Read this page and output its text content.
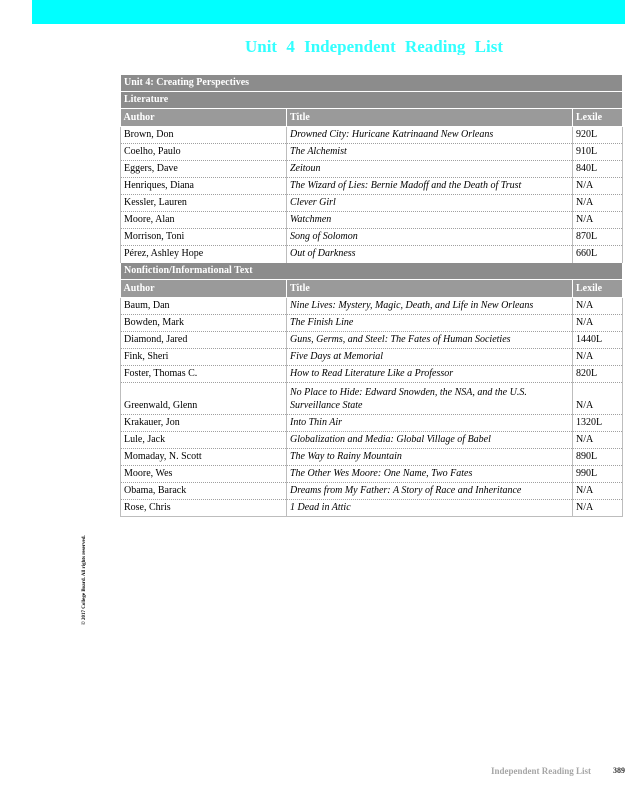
Unit 4 Independent Reading List
Unit 4: Creating Perspectives		
Literature		
Author	Title	Lexile
Brown, Don	Drowned City: Huricane Katrinaand New Orleans	920L
Coelho, Paulo	The Alchemist	910L
Eggers, Dave	Zeitoun	840L
Henriques, Diana	The Wizard of Lies: Bernie Madoff and the Death of Trust	N/A
Kessler, Lauren	Clever Girl	N/A
Moore, Alan	Watchmen	N/A
Morrison, Toni	Song of Solomon	870L
Pérez, Ashley Hope	Out of Darkness	660L
Nonfiction/Informational Text		
Author	Title	Lexile
Baum, Dan	Nine Lives: Mystery, Magic, Death, and Life in New Orleans	N/A
Bowden, Mark	The Finish Line	N/A
Diamond, Jared	Guns, Germs, and Steel: The Fates of Human Societies	1440L
Fink, Sheri	Five Days at Memorial	N/A
Foster, Thomas C.	How to Read Literature Like a Professor	820L
Greenwald, Glenn	No Place to Hide: Edward Snowden, the NSA, and the U.S. Surveillance State	N/A
Krakauer, Jon	Into Thin Air	1320L
Lule, Jack	Globalization and Media: Global Village of Babel	N/A
Momaday, N. Scott	The Way to Rainy Mountain	890L
Moore, Wes	The Other Wes Moore: One Name, Two Fates	990L
Obama, Barack	Dreams from My Father: A Story of Race and Inheritance	N/A
Rose, Chris	1 Dead in Attic	N/A
© 2017 College Board. All rights reserved.
Independent Reading List	389
